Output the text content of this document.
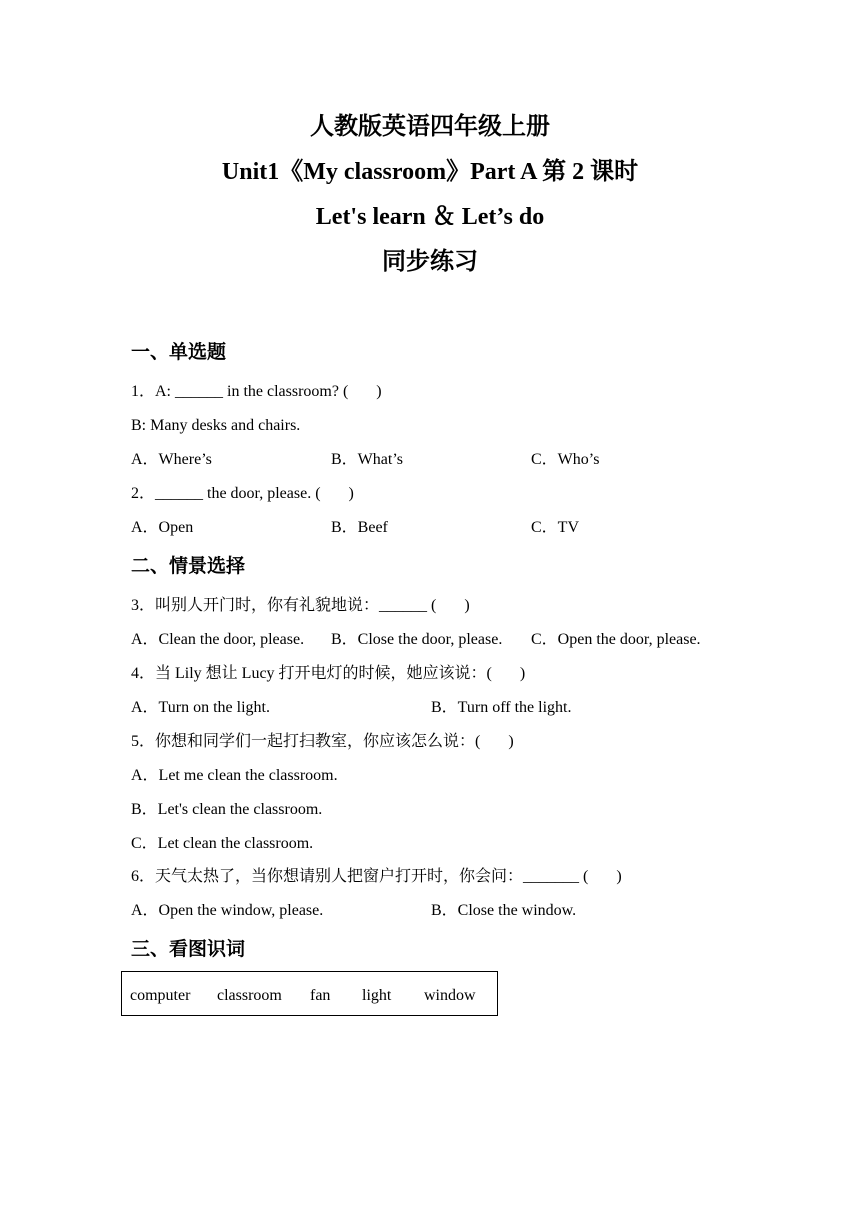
人教版英语四年级上册
Unit1《My classroom》Part A 第 2 课时
Let's learn ＆ Let’s do
同步练习
一、单选题
1．A: ______ in the classroom? (       )
B: Many desks and chairs.
A．Where’s	B．What’s	C．Who’s
2．______ the door, please. (       )
A．Open	B．Beef	C．TV
二、情景选择
3．叫别人开门时，你有礼貌地说：______ (       )
A．Clean the door, please. B．Close the door, please. C．Open the door, please.
4．当 Lily 想让 Lucy 打开电灯的时候，她应该说：(       )
A．Turn on the light.	B．Turn off the light.
5．你想和同学们一起打扫教室，你应该怎么说：(       )
A．Let me clean the classroom.
B．Let's clean the classroom.
C．Let clean the classroom.
6．天气太热了，当你想请别人把窗户打开时，你会问：_______ (       )
A．Open the window, please.	B．Close the window.
三、看图识词
computer classroom fan light window
